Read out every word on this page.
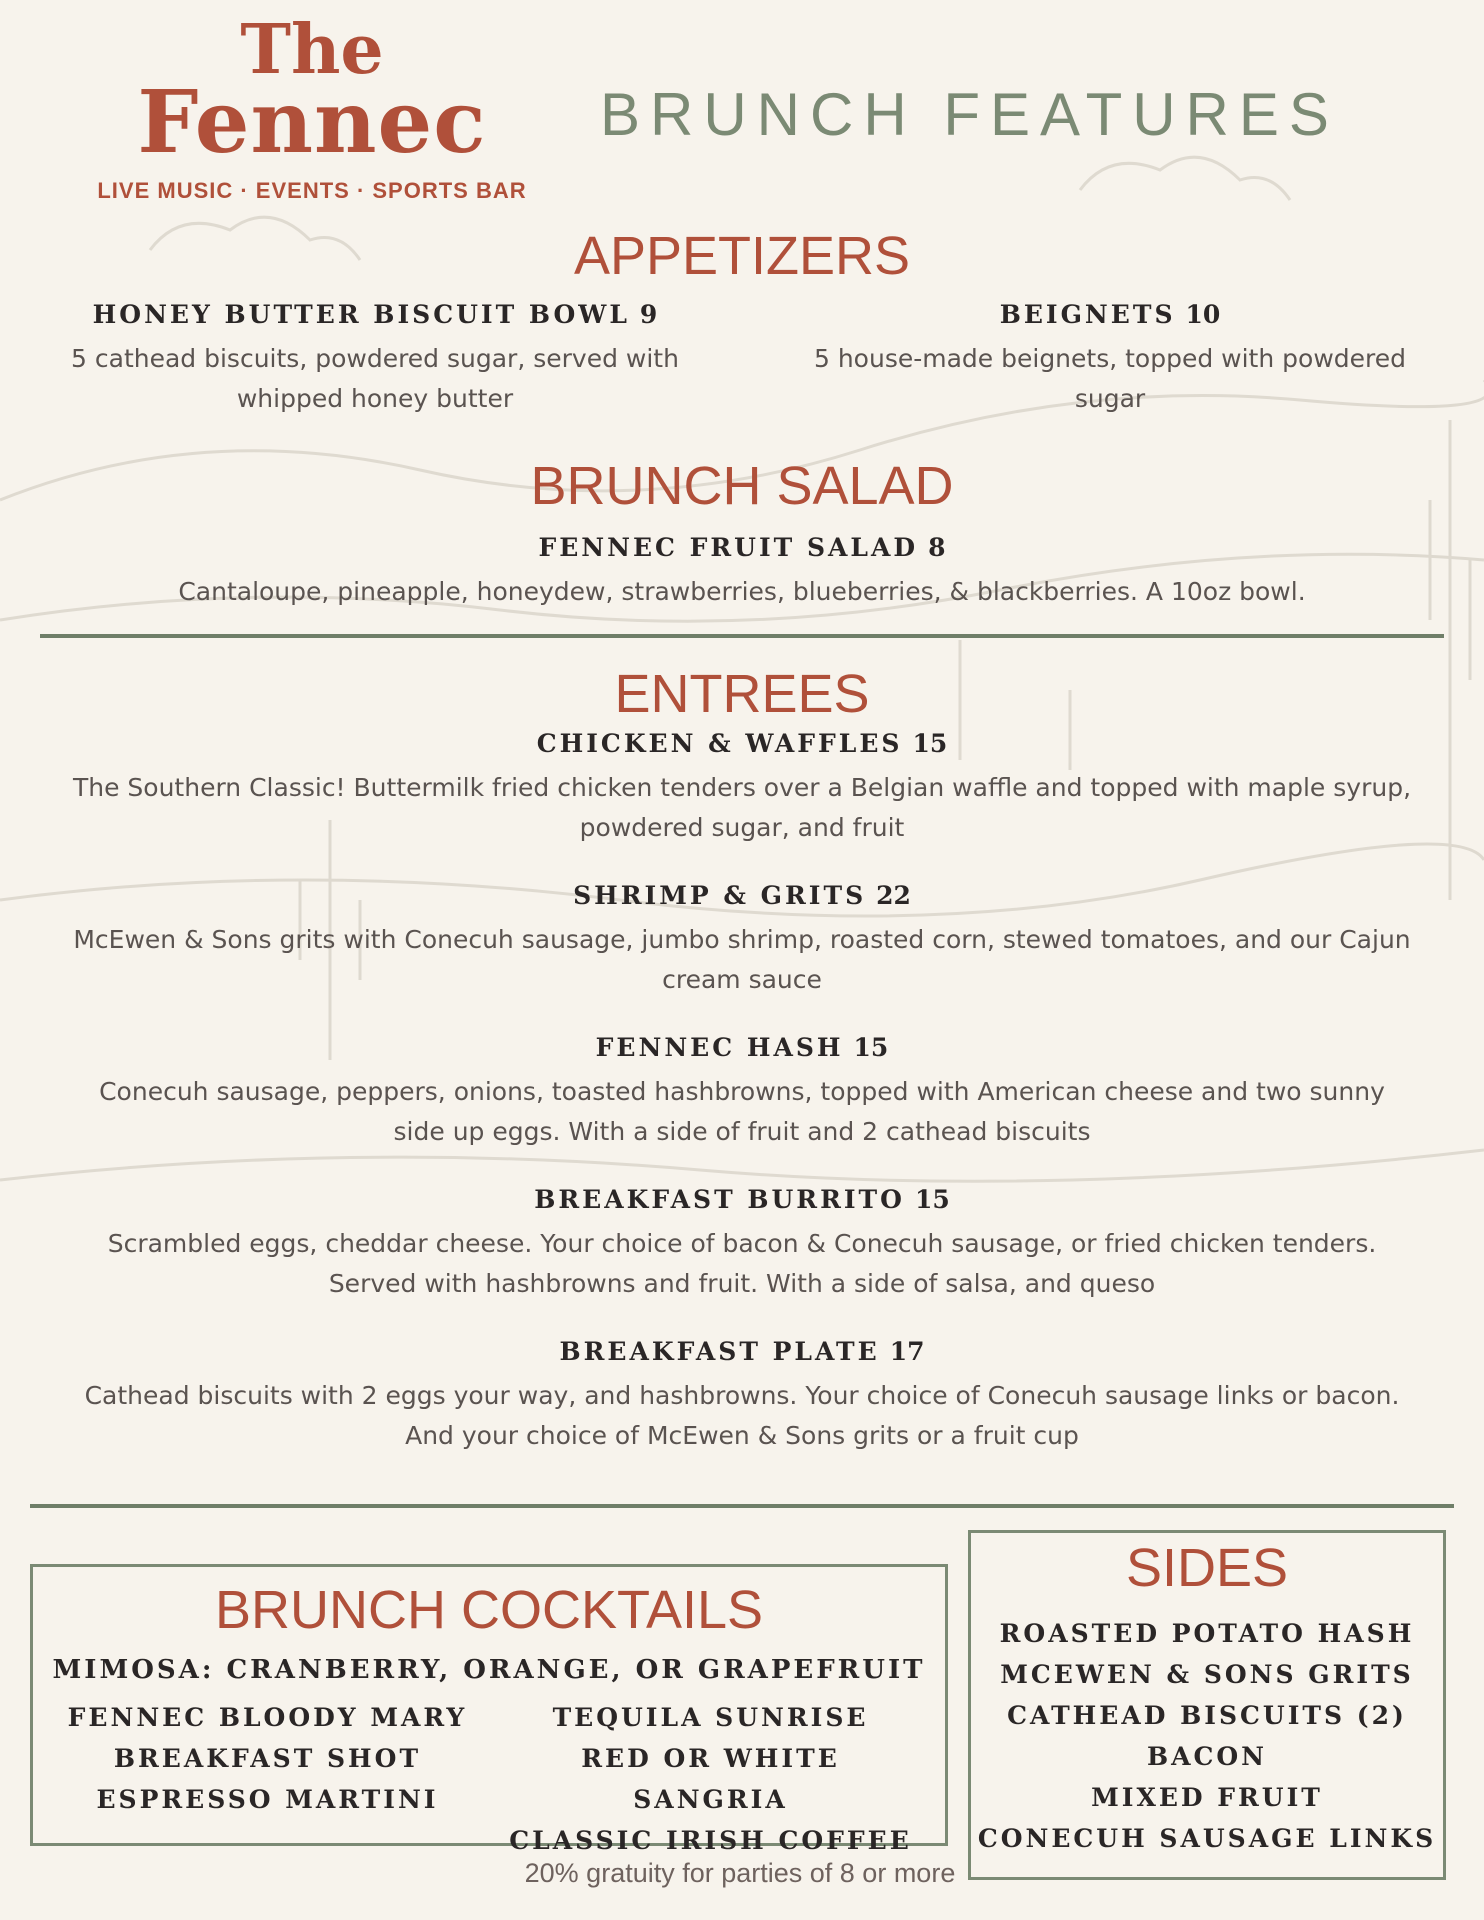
The
Fennec
LIVE MUSIC · EVENTS · SPORTS BAR
BRUNCH FEATURES
APPETIZERS
HONEY BUTTER BISCUIT BOWL 9
5 cathead biscuits, powdered sugar, served with whipped honey butter
BEIGNETS 10
5 house-made beignets, topped with powdered sugar
BRUNCH SALAD
FENNEC FRUIT SALAD 8
Cantaloupe, pineapple, honeydew, strawberries, blueberries, & blackberries. A 10oz bowl.
ENTREES
CHICKEN & WAFFLES 15
The Southern Classic! Buttermilk fried chicken tenders over a Belgian waffle and topped with maple syrup, powdered sugar, and fruit
SHRIMP & GRITS 22
McEwen & Sons grits with Conecuh sausage, jumbo shrimp, roasted corn, stewed tomatoes, and our Cajun cream sauce
FENNEC HASH 15
Conecuh sausage, peppers, onions, toasted hashbrowns, topped with American cheese and two sunny side up eggs. With a side of fruit and 2 cathead biscuits
BREAKFAST BURRITO 15
Scrambled eggs, cheddar cheese. Your choice of bacon & Conecuh sausage, or fried chicken tenders. Served with hashbrowns and fruit. With a side of salsa, and queso
BREAKFAST PLATE 17
Cathead biscuits with 2 eggs your way, and hashbrowns. Your choice of Conecuh sausage links or bacon. And your choice of McEwen & Sons grits or a fruit cup
BRUNCH COCKTAILS
MIMOSA: CRANBERRY, ORANGE, OR GRAPEFRUIT
FENNEC BLOODY MARY
BREAKFAST SHOT
ESPRESSO MARTINI
TEQUILA SUNRISE
RED OR WHITE SANGRIA
CLASSIC IRISH COFFEE
SIDES
ROASTED POTATO HASH
MCEWEN & SONS GRITS
CATHEAD BISCUITS (2)
BACON
MIXED FRUIT
CONECUH SAUSAGE LINKS
20% gratuity for parties of 8 or more
